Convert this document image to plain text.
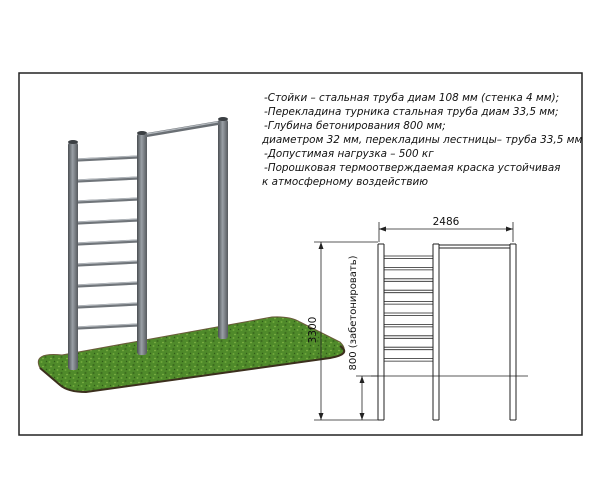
-Стойки – стальная труба диам 108 мм (стенка 4 мм);
-Перекладина турника стальная труба диам 33,5 мм;
-Глубина бетонирования 800 мм;
диаметром 32 мм, перекладины лестницы– труба 33,5 мм
-Допустимая нагрузка – 500 кг
-Порошковая термоотверждаемая краска устойчивая
к атмосферному воздействию
2486
3300	800 (забетонировать)
